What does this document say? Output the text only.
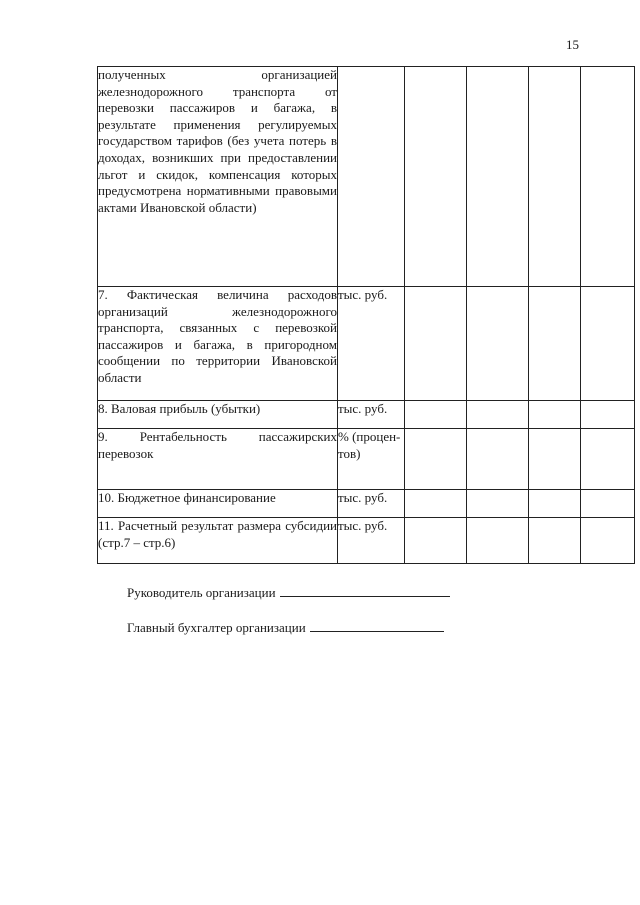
15
полученных организацией железнодорожного транспорта от перевозки пассажиров и багажа, в результате применения регулируемых государством тарифов (без учета потерь в доходах, возникших при предоставлении льгот и скидок, компенсация которых предусмотрена нормативными правовыми актами Ивановской области)					
7. Фактическая величина расходов организаций железнодорожного транспорта, связанных с перевозкой пассажиров и багажа, в пригородном сообщении по территории Ивановской области	тыс. руб.				
8. Валовая прибыль (убытки)	тыс. руб.				
9. Рентабельность пассажирских перевозок	% (процен-тов)				
10. Бюджетное финансирование	тыс. руб.				
11. Расчетный результат размера субсидии (стр.7 – стр.6)	тыс. руб.				
Руководитель организации
Главный бухгалтер организации
